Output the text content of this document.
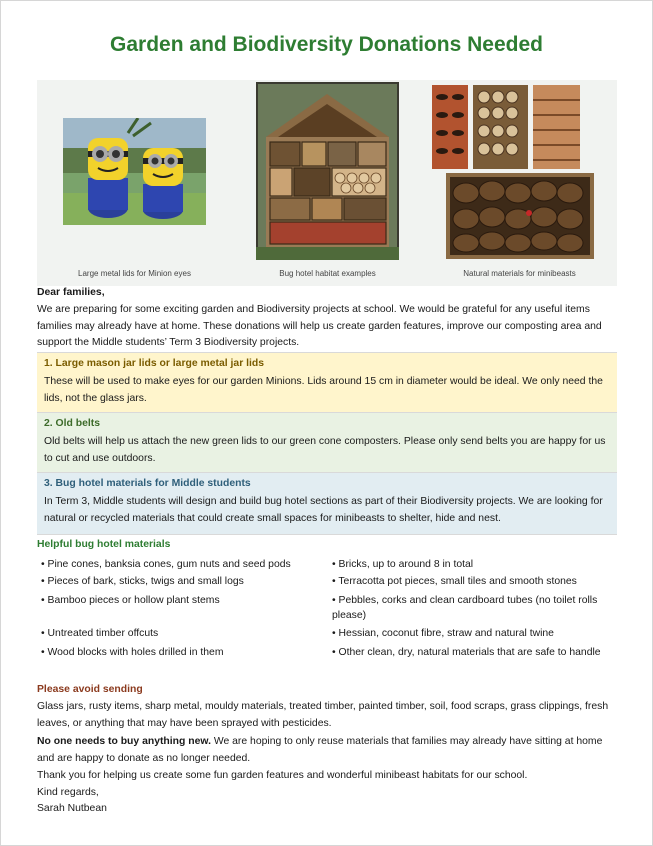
Garden and Biodiversity Donations Needed
Large metal lids for Minion eyes	Bug hotel habitat examples	Natural materials for minibeasts
Dear families,
We are preparing for some exciting garden and Biodiversity projects at school. We would be grateful for any useful items families may already have at home. These donations will help us create garden features, improve our composting area and support the Middle students’ Term 3 Biodiversity projects.
1. Large mason jar lids or large metal jar lids
These will be used to make eyes for our garden Minions. Lids around 15 cm in diameter would be ideal. We only need the lids, not the glass jars.
2. Old belts
Old belts will help us attach the new green lids to our green cone composters. Please only send belts you are happy for us to cut and use outdoors.
3. Bug hotel materials for Middle students
In Term 3, Middle students will design and build bug hotel sections as part of their Biodiversity projects. We are looking for natural or recycled materials that could create small spaces for minibeasts to shelter, hide and nest.
Helpful bug hotel materials
• Pine cones, banksia cones, gum nuts and seed pods
• Pieces of bark, sticks, twigs and small logs
• Bamboo pieces or hollow plant stems
• Untreated timber offcuts
• Wood blocks with holes drilled in them
• Bricks, up to around 8 in total
• Terracotta pot pieces, small tiles and smooth stones
• Pebbles, corks and clean cardboard tubes (no toilet rolls please)
• Hessian, coconut fibre, straw and natural twine
• Other clean, dry, natural materials that are safe to handle
Please avoid sending
Glass jars, rusty items, sharp metal, mouldy materials, treated timber, painted timber, soil, food scraps, grass clippings, fresh leaves, or anything that may have been sprayed with pesticides.
No one needs to buy anything new. We are hoping to only reuse materials that families may already have sitting at home and are happy to donate as no longer needed.
Thank you for helping us create some fun garden features and wonderful minibeast habitats for our school.
Kind regards,
Sarah Nutbean
